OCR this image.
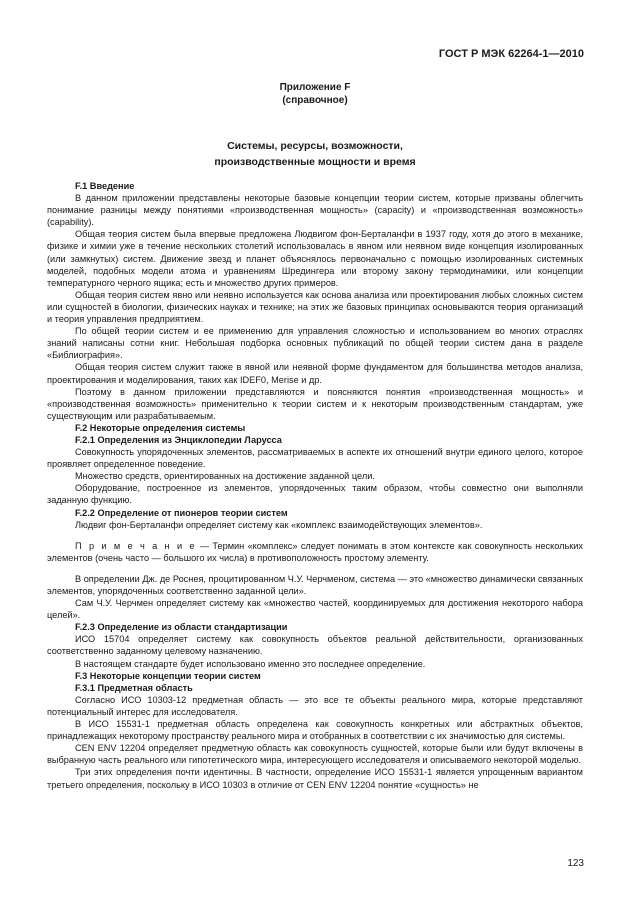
ГОСТ Р МЭК 62264-1—2010
Приложение F
(справочное)
Системы, ресурсы, возможности,
производственные мощности и время
F.1 Введение

В данном приложении представлены некоторые базовые концепции теории систем, которые призваны облегчить понимание разницы между понятиями «производственная мощность» (capacity) и «производственная возможность» (capability).

Общая теория систем была впервые предложена Людвигом фон-Берталанфи в 1937 году, хотя до этого в механике, физике и химии уже в течение нескольких столетий использовалась в явном или неявном виде концепция изолированных (или замкнутых) систем. Движение звезд и планет объяснялось первоначально с помощью изолированных системных моделей, подобных модели атома и уравнениям Шредингера или второму закону термодинамики, или концепции температурного черного ящика; есть и множество других примеров.

Общая теория систем явно или неявно используется как основа анализа или проектирования любых сложных систем или сущностей в биологии, физических науках и технике; на этих же базовых принципах основываются теория организаций и теория управления предприятием.

По общей теории систем и ее применению для управления сложностью и использованием во многих отраслях знаний написаны сотни книг. Небольшая подборка основных публикаций по общей теории систем дана в разделе «Библиография».

Общая теория систем служит также в явной или неявной форме фундаментом для большинства методов анализа, проектирования и моделирования, таких как IDEF0, Merise и др.

Поэтому в данном приложении представляются и поясняются понятия «производственная мощность» и «производственная возможность» применительно к теории систем и к некоторым производственным стандартам, уже существующим или разрабатываемым.

F.2 Некоторые определения системы
F.2.1 Определения из Энциклопедии Ларусса

Совокупность упорядоченных элементов, рассматриваемых в аспекте их отношений внутри единого целого, которое проявляет определенное поведение.

Множество средств, ориентированных на достижение заданной цели.

Оборудование, построенное из элементов, упорядоченных таким образом, чтобы совместно они выполняли заданную функцию.

F.2.2 Определение от пионеров теории систем

Людвиг фон-Берталанфи определяет систему как «комплекс взаимодействующих элементов».

П р и м е ч а н и е — Термин «комплекс» следует понимать в этом контексте как совокупность нескольких элементов (очень часто — большого их числа) в противоположность простому элементу.

В определении Дж. де Роснея, процитированном Ч.У. Черчменом, система — это «множество динамически связанных элементов, упорядоченных соответственно заданной цели».

Сам Ч.У. Черчмен определяет систему как «множество частей, координируемых для достижения некоторого набора целей».

F.2.3 Определение из области стандартизации

ИСО 15704 определяет систему как совокупность объектов реальной действительности, организованных соответственно заданному целевому назначению.

В настоящем стандарте будет использовано именно это последнее определение.

F.3 Некоторые концепции теории систем
F.3.1 Предметная область

Согласно ИСО 10303-12 предметная область — это все те объекты реального мира, которые представляют потенциальный интерес для исследователя.

В ИСО 15531-1 предметная область определена как совокупность конкретных или абстрактных объектов, принадлежащих некоторому пространству реального мира и отобранных в соответствии с их значимостью для системы.

CEN ENV 12204 определяет предметную область как совокупность сущностей, которые были или будут включены в выбранную часть реального или гипотетического мира, интересующего исследователя и описываемого некоторой моделью.

Три этих определения почти идентичны. В частности, определение ИСО 15531-1 является упрощенным вариантом третьего определения, поскольку в ИСО 10303 в отличие от CEN ENV 12204 понятие «сущность» не

123
